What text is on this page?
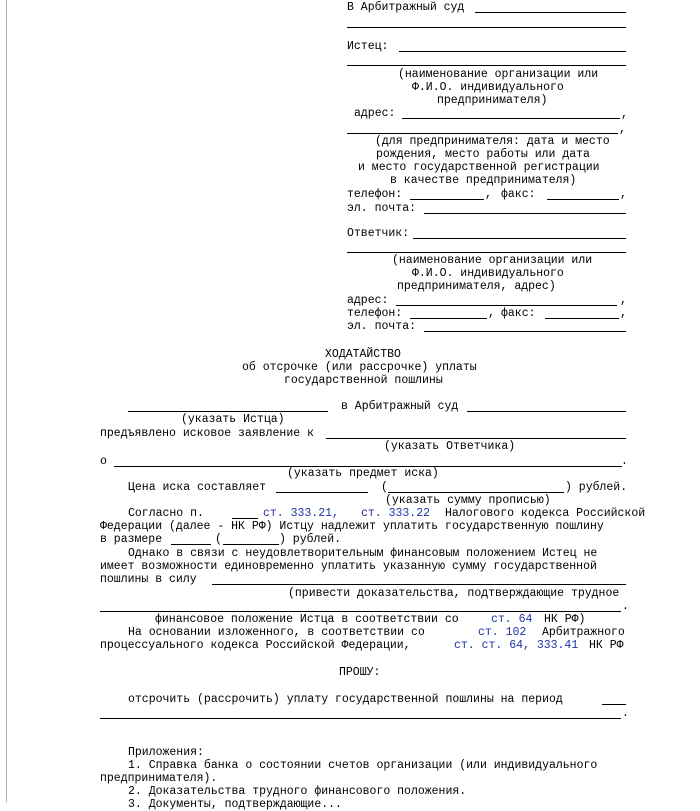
В Арбитражный суд
Истец:
(наименование организации или
Ф.И.О. индивидуального
предпринимателя)
адрес:	,
,
(для предпринимателя: дата и место
рождения, место работы или дата
и место государственной регистрации
в качестве предпринимателя)
телефон:	, факс:	,
эл. почта:
Ответчик:
(наименование организации или
Ф.И.О. индивидуального
предпринимателя, адрес)
адрес:	,
телефон:	, факс:	,
эл. почта:
ХОДАТАЙСТВО
об отсрочке (или рассрочке) уплаты
государственной пошлины
в Арбитражный суд
(указать Истца)
предъявлено исковое заявление к
(указать Ответчика)
о	.
(указать предмет иска)
Цена иска составляет	(	) рублей.
(указать сумму прописью)
Согласно п.	ст. 333.21, ст. 333.22 Налогового кодекса Российской
Федерации (далее - НК РФ) Истцу надлежит уплатить государственную пошлину
в размере	(	) рублей.
Однако в связи с неудовлетворительным финансовым положением Истец не
имеет возможности единовременно уплатить указанную сумму государственной
пошлины в силу
(привести доказательства, подтверждающие трудное
.
финансовое положение Истца в соответствии со	ст. 64 НК РФ)
На основании изложенного, в соответствии со	ст. 102 Арбитражного
процессуального кодекса Российской Федерации,	ст. ст. 64, 333.41 НК РФ
ПРОШУ:
отсрочить (рассрочить) уплату государственной пошлины на период
.
Приложения:
1. Справка банка о состоянии счетов организации (или индивидуального
предпринимателя).
2. Доказательства трудного финансового положения.
3. Документы, подтверждающие...
